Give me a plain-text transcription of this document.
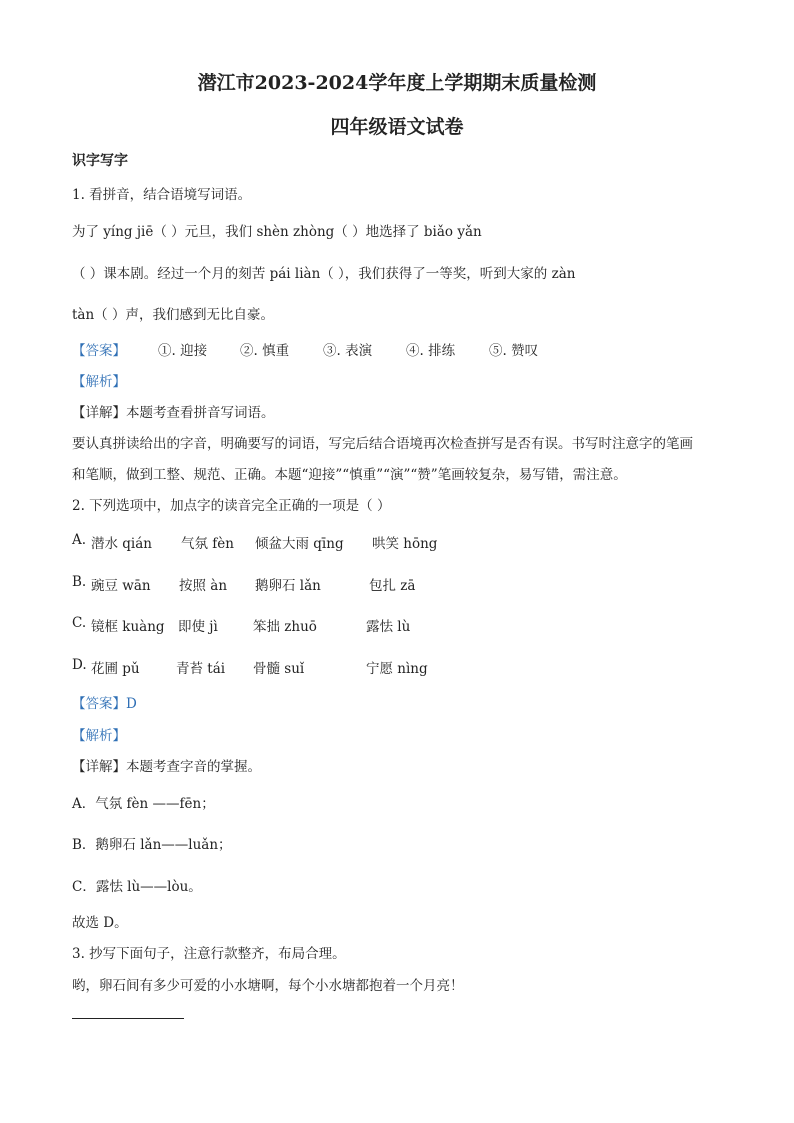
潜江市2023-2024学年度上学期期末质量检测
四年级语文试卷
识字写字
1. 看拼音，结合语境写词语。
为了 yíng jiē（ ）元旦，我们 shèn zhòng（ ）地选择了 biǎo yǎn
（ ）课本剧。经过一个月的刻苦 pái liàn（ ），我们获得了一等奖，听到大家的 zàn
tàn（ ）声，我们感到无比自豪。
【答案】 ①. 迎接 ②. 慎重	③. 表演	④. 排练	⑤. 赞叹
【解析】
【详解】本题考查看拼音写词语。
要认真拼读给出的字音，明确要写的词语，写完后结合语境再次检查拼写是否有误。书写时注意字的笔画
和笔顺，做到工整、规范、正确。本题“迎接”“慎重”“演”“赞”笔画较复杂，易写错，需注意。
2. 下列选项中，加点字的读音完全正确的一项是（ ）
A. 潜水 qián 气氛 fèn 倾盆大雨 qīng 哄笑 hōng
B. 豌豆 wān 按照 àn 鹅卵石 lǎn	包扎 zā
C. 镜框 kuàng 即使 jì	笨拙 zhuō	露怯 lù
D. 花圃 pǔ	青苔 tái 骨髓 suǐ	宁愿 nìng
【答案】D
【解析】
【详解】本题考查字音的掌握。
A．气氛 fèn ——fēn；
B．鹅卵石 lǎn——luǎn；
C．露怯 lù——lòu。
故选 D。
3. 抄写下面句子，注意行款整齐，布局合理。
哟，卵石间有多少可爱的小水塘啊，每个小水塘都抱着一个月亮！
